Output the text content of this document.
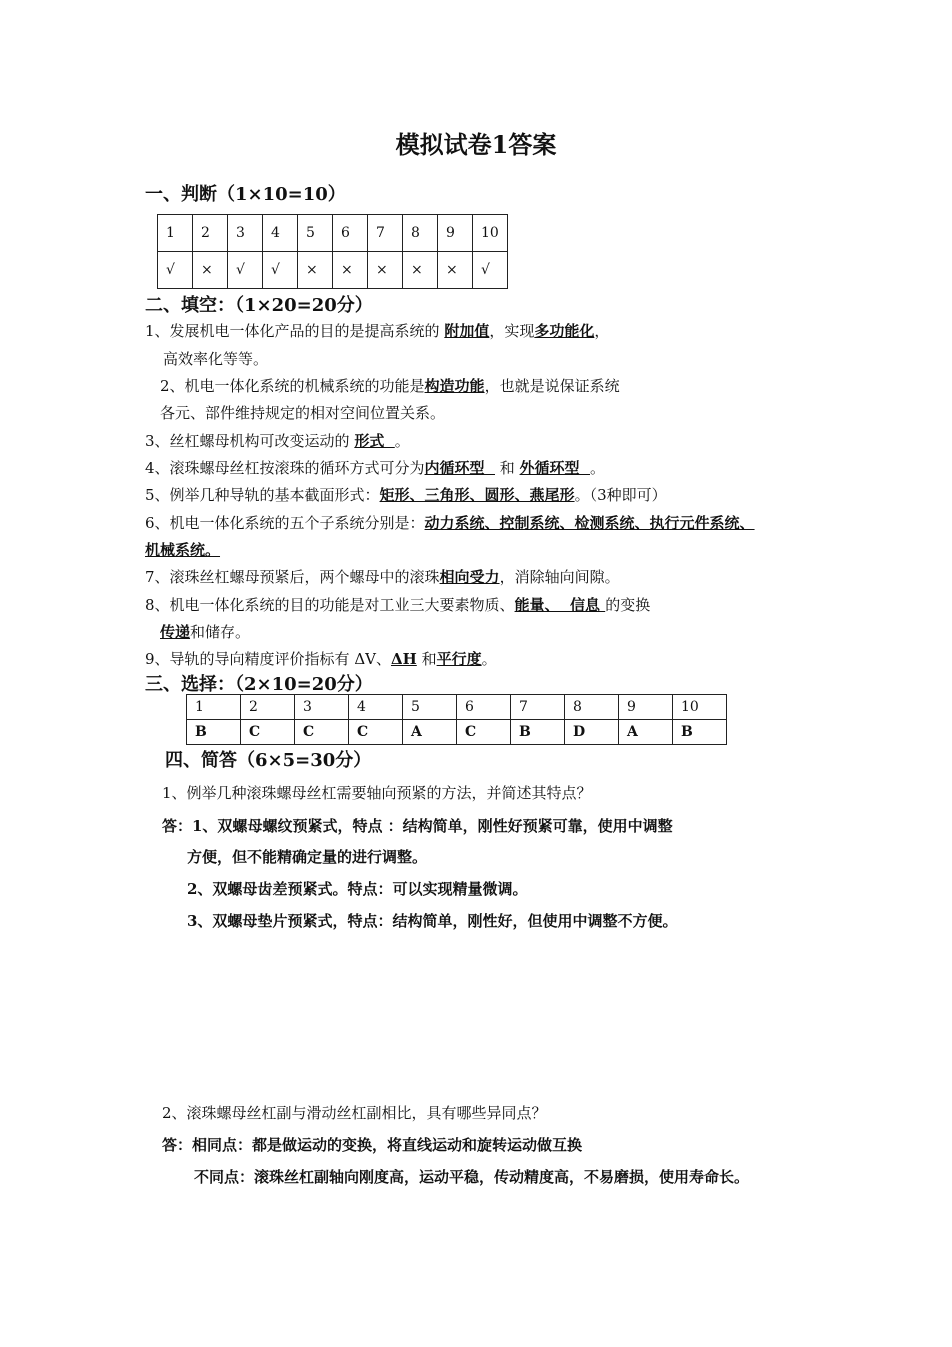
模拟试卷1答案
一、判断（1×10=10）
1	2	3	4	5	6	7	8	9	10
√	×	√	√	×	×	×	×	×	√
二、填空：（1×20=20分）
1、发展机电一体化产品的目的是提高系统的 附加值，实现多功能化，
高效率化等等。
2、机电一体化系统的机械系统的功能是构造功能，也就是说保证系统
各元、部件维持规定的相对空间位置关系。
3、丝杠螺母机构可改变运动的 形式  。
4、滚珠螺母丝杠按滚珠的循环方式可分为内循环型   和 外循环型  。
5、例举几种导轨的基本截面形式：矩形、三角形、圆形、燕尾形。（3种即可）
6、机电一体化系统的五个子系统分别是：动力系统、控制系统、检测系统、执行元件系统、
机械系统。
7、滚珠丝杠螺母预紧后，两个螺母中的滚珠相向受力，消除轴向间隙。
8、机电一体化系统的目的功能是对工业三大要素物质、能量、  信息 的变换
传递和储存。
9、导轨的导向精度评价指标有 ΔV、ΔH 和平行度。
三、选择：（2×10=20分）
1	2	3	4	5	6	7	8	9	10
B	C	C	C	A	C	B	D	A	B
四、简答（6×5=30分）
1、例举几种滚珠螺母丝杠需要轴向预紧的方法，并简述其特点？
答：1、双螺母螺纹预紧式，特点 ：结构简单，刚性好预紧可靠，使用中调整
方便，但不能精确定量的进行调整。
2、双螺母齿差预紧式。特点：可以实现精量微调。
3、双螺母垫片预紧式，特点：结构简单，刚性好，但使用中调整不方便。
2、滚珠螺母丝杠副与滑动丝杠副相比，具有哪些异同点？
答：相同点：都是做运动的变换，将直线运动和旋转运动做互换
不同点：滚珠丝杠副轴向刚度高，运动平稳，传动精度高，不易磨损，使用寿命长。
